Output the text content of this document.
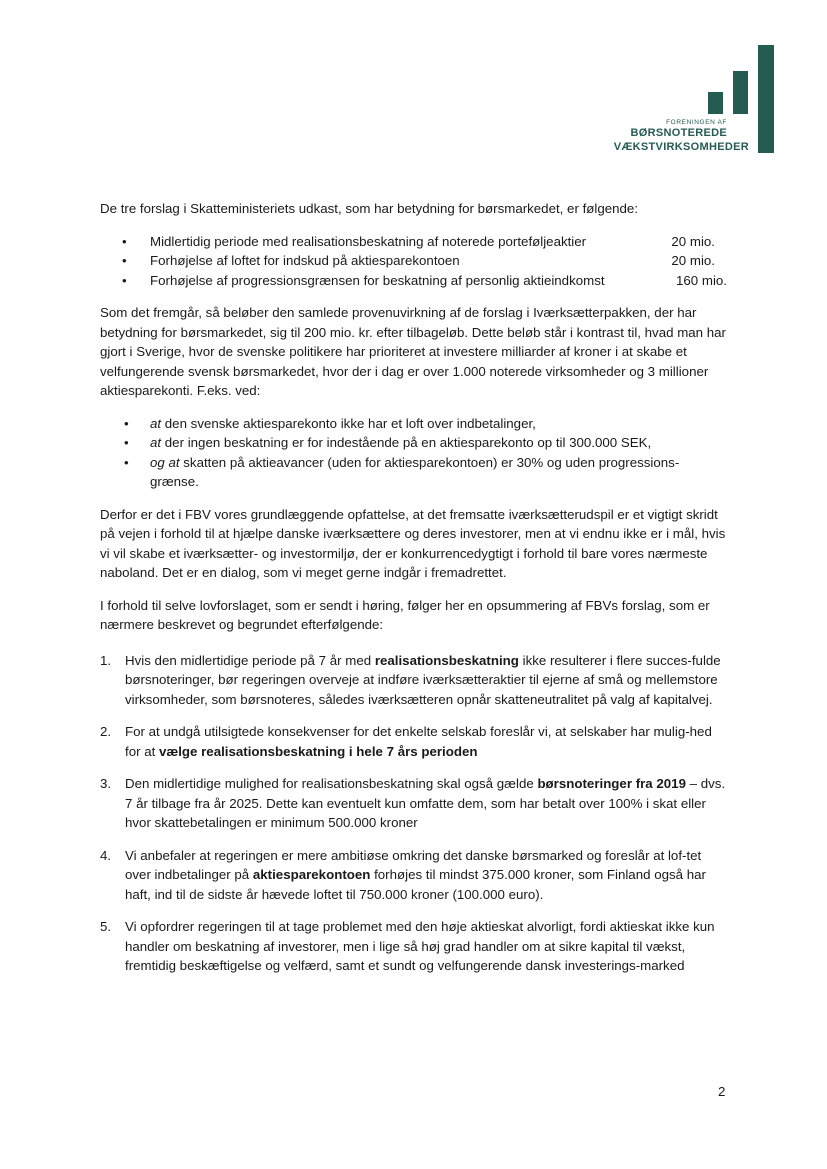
FORENINGEN AF
BØRSNOTEREDE
VÆKSTVIRKSOMHEDER

De tre forslag i Skatteministeriets udkast, som har betydning for børsmarkedet, er følgende:

• Midlertidig periode med realisationsbeskatning af noterede porteføljeaktier	20 mio.
• Forhøjelse af loftet for indskud på aktiesparekontoen	20 mio.
• Forhøjelse af progressionsgrænsen for beskatning af personlig aktieindkomst	160 mio.

Som det fremgår, så beløber den samlede provenuvirkning af de forslag i Iværksætterpakken, der har betydning for børsmarkedet, sig til 200 mio. kr. efter tilbageløb. Dette beløb står i kontrast til, hvad man har gjort i Sverige, hvor de svenske politikere har prioriteret at investere milliarder af kroner i at skabe et velfungerende svensk børsmarkedet, hvor der i dag er over 1.000 noterede virksomheder og 3 millioner aktiesparekonti. F.eks. ved:

• at den svenske aktiesparekonto ikke har et loft over indbetalinger,
• at der ingen beskatning er for indestående på en aktiesparekonto op til 300.000 SEK,
• og at skatten på aktieavancer (uden for aktiesparekontoen) er 30% og uden progressions-grænse.

Derfor er det i FBV vores grundlæggende opfattelse, at det fremsatte iværksætterudspil er et vigtigt skridt på vejen i forhold til at hjælpe danske iværksættere og deres investorer, men at vi endnu ikke er i mål, hvis vi vil skabe et iværksætter- og investormiljø, der er konkurrencedygtigt i forhold til bare vores nærmeste naboland. Det er en dialog, som vi meget gerne indgår i fremadrettet.

I forhold til selve lovforslaget, som er sendt i høring, følger her en opsummering af FBVs forslag, som er nærmere beskrevet og begrundet efterfølgende:

1. Hvis den midlertidige periode på 7 år med realisationsbeskatning ikke resulterer i flere succes-fulde børsnoteringer, bør regeringen overveje at indføre iværksætteraktier til ejerne af små og mellemstore virksomheder, som børsnoteres, således iværksætteren opnår skatteneutralitet på valg af kapitalvej.
2. For at undgå utilsigtede konsekvenser for det enkelte selskab foreslår vi, at selskaber har mulig-hed for at vælge realisationsbeskatning i hele 7 års perioden
3. Den midlertidige mulighed for realisationsbeskatning skal også gælde børsnoteringer fra 2019 – dvs. 7 år tilbage fra år 2025. Dette kan eventuelt kun omfatte dem, som har betalt over 100% i skat eller hvor skattebetalingen er minimum 500.000 kroner
4. Vi anbefaler at regeringen er mere ambitiøse omkring det danske børsmarked og foreslår at lof-tet over indbetalinger på aktiesparekontoen forhøjes til mindst 375.000 kroner, som Finland også har haft, ind til de sidste år hævede loftet til 750.000 kroner (100.000 euro).
5. Vi opfordrer regeringen til at tage problemet med den høje aktieskat alvorligt, fordi aktieskat ikke kun handler om beskatning af investorer, men i lige så høj grad handler om at sikre kapital til vækst, fremtidig beskæftigelse og velfærd, samt et sundt og velfungerende dansk investerings-marked
2
